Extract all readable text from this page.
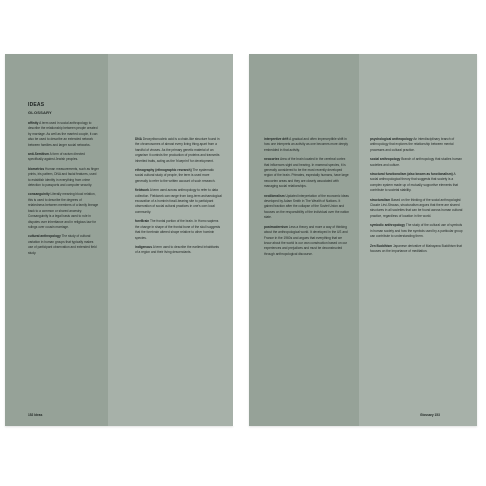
IDEAS
GLOSSARY

affinity A term used in social anthropology to describe the relationship between people created by marriage. As well as the married couple, it can also be used to describe an extended network between families and larger social networks.

anti-Semitism A form of racism directed specifically against Jewish peoples.

biometrics Human measurements, such as finger prints, iris pattern, DNA and facial features, used to establish identity in everything from crime detection to passports and computer security.

consanguinity Literally meaning blood relation, this is used to describe the degrees of relatedness between members of a family lineage back to a common or shared ancestry. Consanguinity is a legal basis used to rule in disputes over inheritance and in religious law for rulings over cousin marriage.

cultural anthropology The study of cultural variation in human groups that typically makes use of participant observation and extended field study.

DNA Deoxyribonucleic acid is a chain-like structure found in the chromosomes of almost every living thing apart from a handful of viruses. As the primary genetic material of an organism it controls the production of proteins and transmits inherited traits, acting as the 'blueprint' for development.

ethnography (ethnographic research) The systematic social cultural study of people, the term is used more generally to refer to the written account of such research.

fieldwork A term used across anthropology to refer to data collection. Fieldwork can range from long-term archaeological excavation of a hominin fossil-bearing site to participant observation of social cultural practices in one's own local community.

foreBrain The frontal portion of the brain. In Homo sapiens the change in shape of the frontal bone of the skull suggests that the forebrain altered shape relative to other hominin species.

indigenous A term used to describe the earliest inhabitants of a region and their living descendants.

interpretive drift A gradual and often imperceptible shift in how one interprets an activity as one becomes more deeply embedded in that activity.

neocortex Area of the brain located in the cerebral cortex that influences sight and hearing. In mammal species, it is generally considered to be the most recently developed region of the brain. Primates, especially humans, have large neocortex areas and they are closely associated with managing social relationships.

neoliberalism Updated interpretation of the economic ideas developed by Adam Smith in The Wealth of Nations. It gained traction after the collapse of the Soviet Union and focuses on the responsibility of the individual over the nation state.

postmodernism Less a theory and more a way of thinking about the anthropological world. It developed in the US and France in the 1960s and argues that everything that we know about the world is our own construction based on our experiences and prejudices and must be deconstructed through anthropological discourse.

psychological anthropology An interdisciplinary branch of anthropology that explores the relationship between mental processes and cultural practice.

social anthropology Branch of anthropology that studies human societies and culture.

structural functionalism (also known as functionalism) A social anthropological theory that suggests that society is a complex system made up of mutually supportive elements that contribute to societal stability.

structuralism Based on the thinking of the social anthropologist Claude Lévi-Strauss, structuralism argues that there are shared structures in all societies that can be found across human cultural practice, regardless of location in the world.

symbolic anthropology The study of the cultural use of symbols in human society and how the symbols used by a particular group can contribute to understanding them.

Zen Buddhism Japanese derivative of Mahayana Buddhism that focuses on the importance of meditation.

152 Ideas	Glossary 153
